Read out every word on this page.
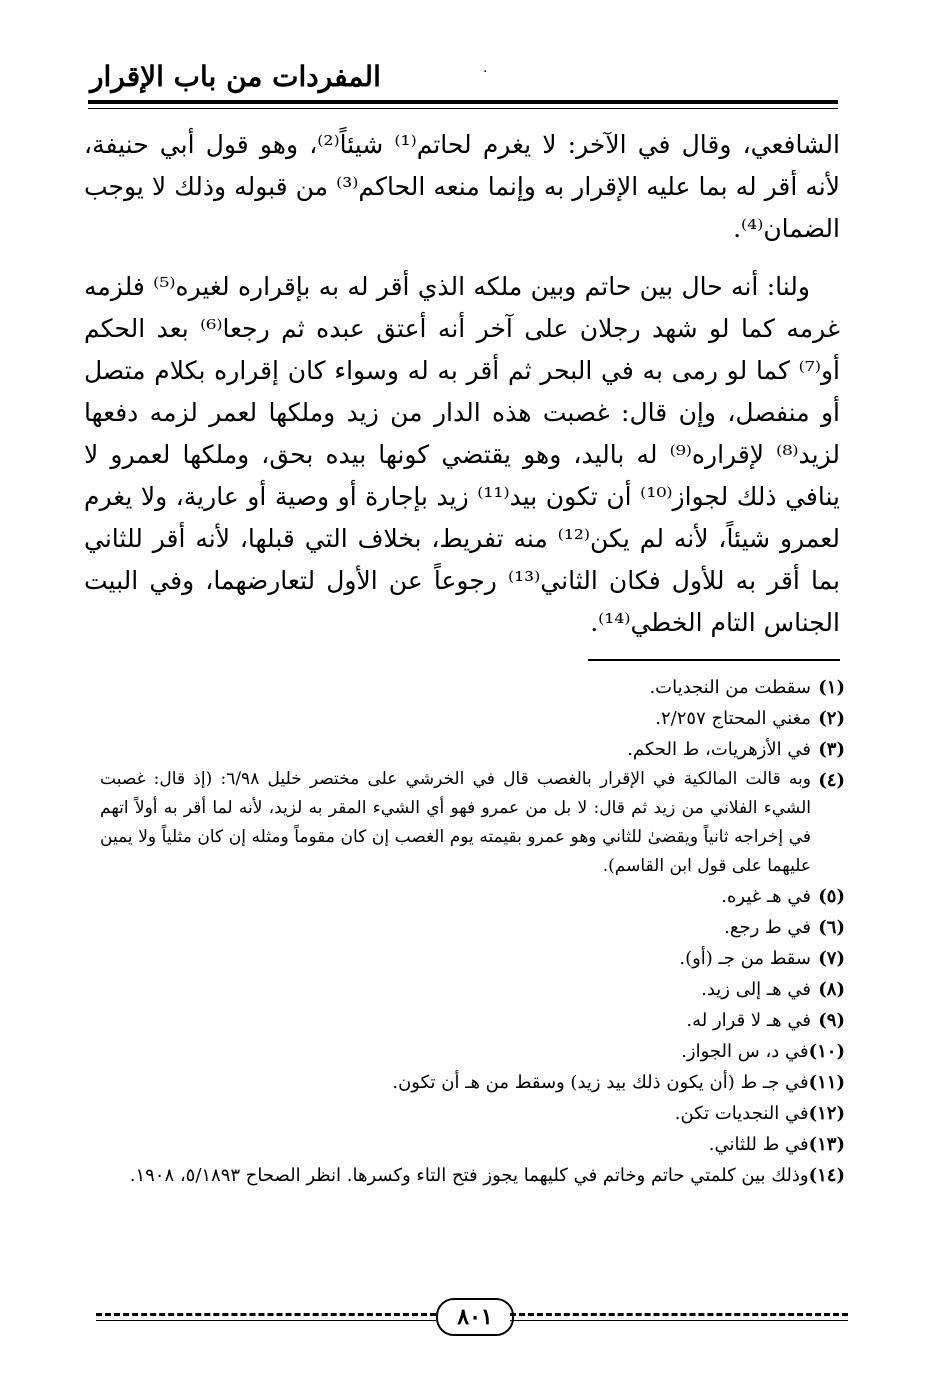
المفردات من باب الإقرار	·

الشافعي، وقال في الآخر: لا يغرم لحاتم⁽¹⁾ شيئاً⁽²⁾، وهو قول أبي حنيفة، لأنه أقر له بما عليه الإقرار به وإنما منعه الحاكم⁽³⁾ من قبوله وذلك لا يوجب الضمان⁽⁴⁾.

ولنا: أنه حال بين حاتم وبين ملكه الذي أقر له به بإقراره لغيره⁽⁵⁾ فلزمه غرمه كما لو شهد رجلان على آخر أنه أعتق عبده ثم رجعا⁽⁶⁾ بعد الحكم أو⁽⁷⁾ كما لو رمى به في البحر ثم أقر به له وسواء كان إقراره بكلام متصل أو منفصل، وإن قال: غصبت هذه الدار من زيد وملكها لعمر لزمه دفعها لزيد⁽⁸⁾ لإقراره⁽⁹⁾ له باليد، وهو يقتضي كونها بيده بحق، وملكها لعمرو لا ينافي ذلك لجواز⁽¹⁰⁾ أن تكون بيد⁽¹¹⁾ زيد بإجارة أو وصية أو عارية، ولا يغرم لعمرو شيئاً، لأنه لم يكن⁽¹²⁾ منه تفريط، بخلاف التي قبلها، لأنه أقر للثاني بما أقر به للأول فكان الثاني⁽¹³⁾ رجوعاً عن الأول لتعارضهما، وفي البيت الجناس التام الخطي⁽¹⁴⁾.

(١)
سقطت من النجديات.
(٢)
مغني المحتاج ٢/٢٥٧.
(٣)
في الأزهريات، ط الحكم.
(٤)
وبه قالت المالكية في الإقرار بالغصب قال في الخرشي على مختصر خليل ٦/٩٨: (إذ قال: غصبت الشيء الفلاني من زيد ثم قال: لا بل من عمرو فهو أي الشيء المقر به لزيد، لأنه لما أقر به أولاً اتهم في إخراجه ثانياً ويقضىٰ للثاني وهو عمرو بقيمته يوم الغصب إن كان مقوماً ومثله إن كان مثلياً ولا يمين عليهما على قول ابن القاسم).
(٥)
في هـ غيره.
(٦)
في ط رجع.
(٧)
سقط من جـ (أو).
(٨)
في هـ إلى زيد.
(٩)
في هـ لا قرار له.
(١٠)
في د، س الجواز.
(١١)
في جـ ط (أن يكون ذلك بيد زيد) وسقط من هـ أن تكون.
(١٢)
في النجديات تكن.
(١٣)
في ط للثاني.
(١٤)
وذلك بين كلمتي حاتم وخاتم في كليهما يجوز فتح التاء وكسرها. انظر الصحاح ٥/١٨٩٣، ١٩٠٨.
٨٠١
